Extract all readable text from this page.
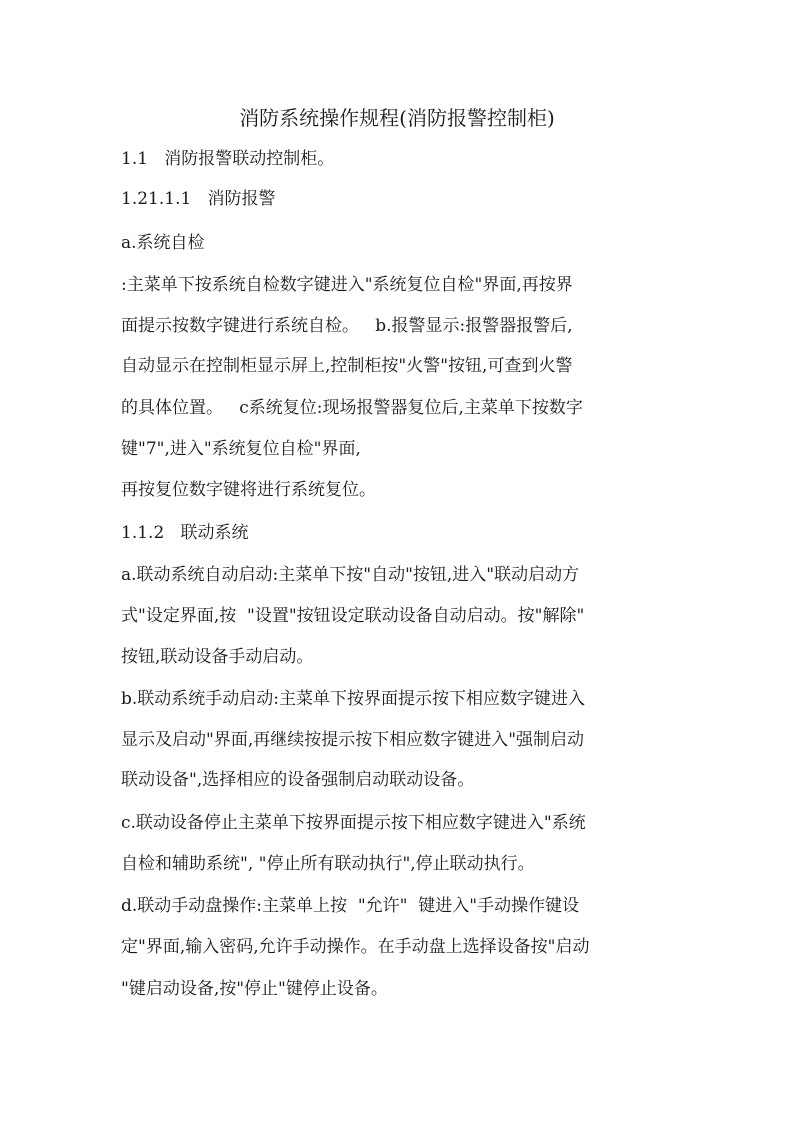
消防系统操作规程(消防报警控制柜)
1.1   消防报警联动控制柜。
1.21.1.1   消防报警
a.系统自检
:主菜单下按系统自检数字键进入"系统复位自检"界面,再按界
面提示按数字键进行系统自检。   b.报警显示:报警器报警后,
自动显示在控制柜显示屏上,控制柜按"火警"按钮,可查到火警
的具体位置。   c系统复位:现场报警器复位后,主菜单下按数字
键"7",进入"系统复位自检"界面,
再按复位数字键将进行系统复位。
1.1.2   联动系统
a.联动系统自动启动:主菜单下按"自动"按钮,进入"联动启动方
式"设定界面,按  "设置"按钮设定联动设备自动启动。按"解除"
按钮,联动设备手动启动。
b.联动系统手动启动:主菜单下按界面提示按下相应数字键进入
显示及启动"界面,再继续按提示按下相应数字键进入"强制启动
联动设备",选择相应的设备强制启动联动设备。
c.联动设备停止主菜单下按界面提示按下相应数字键进入"系统
自检和辅助系统", "停止所有联动执行",停止联动执行。
d.联动手动盘操作:主菜单上按  "允许"  键进入"手动操作键设
定"界面,输入密码,允许手动操作。在手动盘上选择设备按"启动
"键启动设备,按"停止"键停止设备。
